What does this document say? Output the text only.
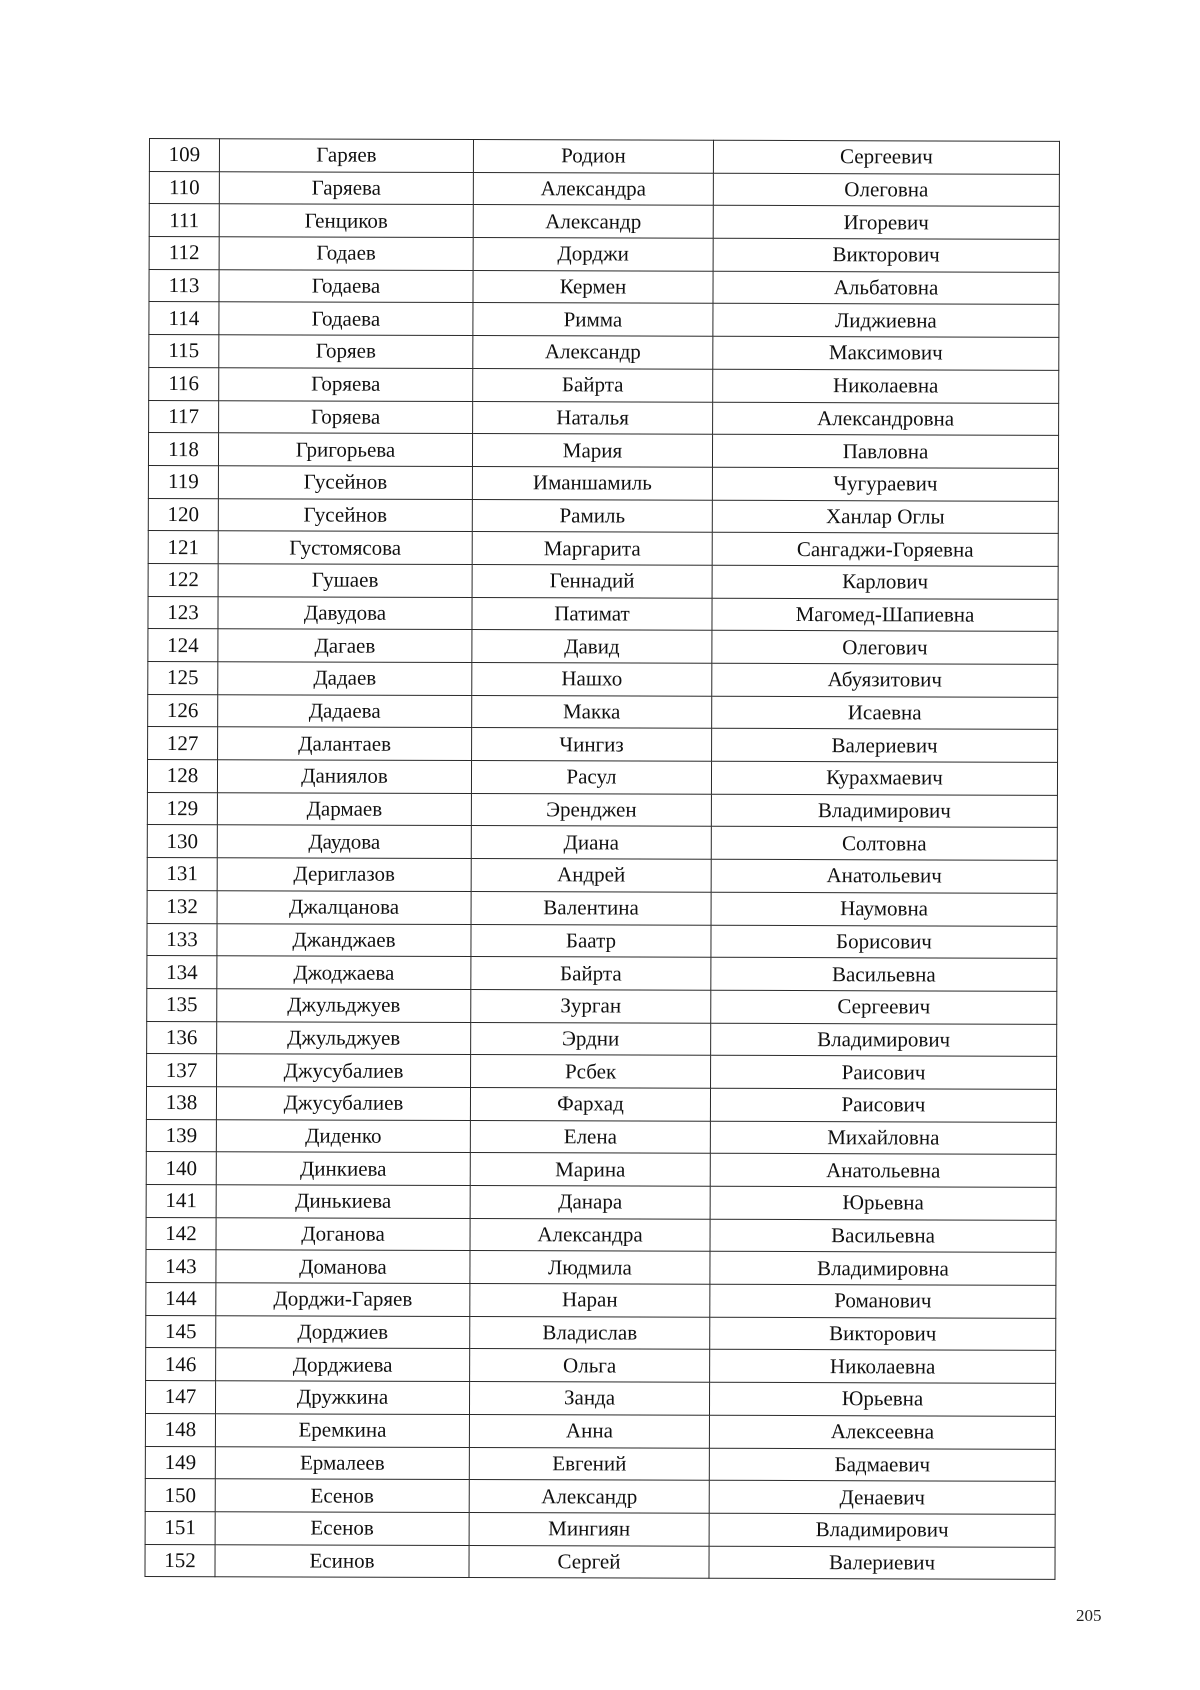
109	Гаряев	Родион	Сергеевич
110	Гаряева	Александра	Олеговна
111	Генциков	Александр	Игоревич
112	Годаев	Дорджи	Викторович
113	Годаева	Кермен	Альбатовна
114	Годаева	Римма	Лиджиевна
115	Горяев	Александр	Максимович
116	Горяева	Байрта	Николаевна
117	Горяева	Наталья	Александровна
118	Григорьева	Мария	Павловна
119	Гусейнов	Иманшамиль	Чугураевич
120	Гусейнов	Рамиль	Ханлар Оглы
121	Густомясова	Маргарита	Сангаджи-Горяевна
122	Гушаев	Геннадий	Карлович
123	Давудова	Патимат	Магомед-Шапиевна
124	Дагаев	Давид	Олегович
125	Дадаев	Нашхо	Абуязитович
126	Дадаева	Макка	Исаевна
127	Далантаев	Чингиз	Валериевич
128	Даниялов	Расул	Курахмаевич
129	Дармаев	Эренджен	Владимирович
130	Даудова	Диана	Солтовна
131	Дериглазов	Андрей	Анатольевич
132	Джалцанова	Валентина	Наумовна
133	Джанджаев	Баатр	Борисович
134	Джоджаева	Байрта	Васильевна
135	Джульджуев	Зурган	Сергеевич
136	Джульджуев	Эрдни	Владимирович
137	Джусубалиев	Рсбек	Раисович
138	Джусубалиев	Фархад	Раисович
139	Диденко	Елена	Михайловна
140	Динкиева	Марина	Анатольевна
141	Динькиева	Данара	Юрьевна
142	Доганова	Александра	Васильевна
143	Доманова	Людмила	Владимировна
144	Дорджи-Гаряев	Наран	Романович
145	Дорджиев	Владислав	Викторович
146	Дорджиева	Ольга	Николаевна
147	Дружкина	Занда	Юрьевна
148	Еремкина	Анна	Алексеевна
149	Ермалеев	Евгений	Бадмаевич
150	Есенов	Александр	Денаевич
151	Есенов	Мингиян	Владимирович
152	Есинов	Сергей	Валериевич
205
